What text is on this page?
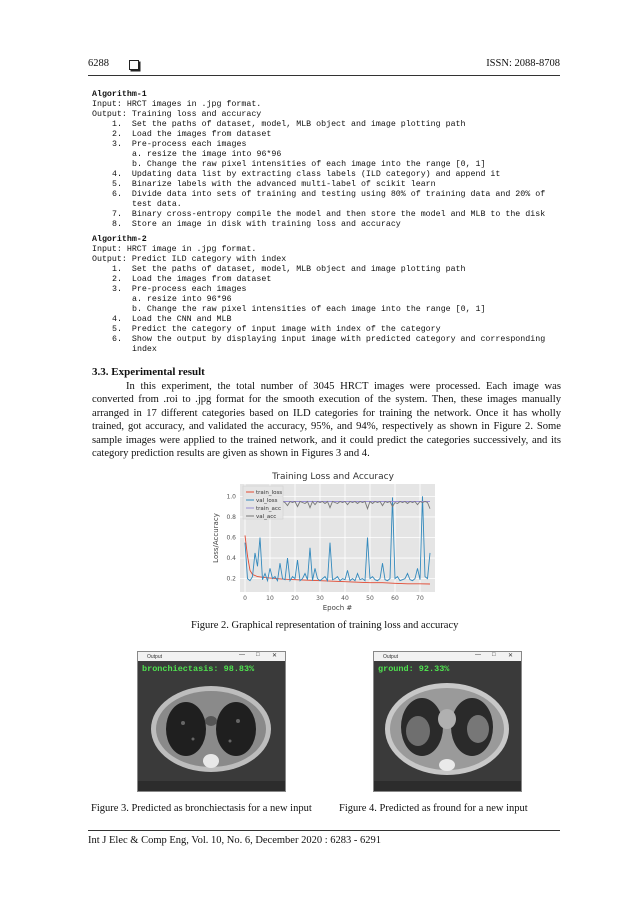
6288	ISSN: 2088-8708
Algorithm-1
Input: HRCT images in .jpg format.
Output: Training loss and accuracy
1.  Set the paths of dataset, model, MLB object and image plotting path
2.  Load the images from dataset
3.  Pre-process each images
a. resize the image into 96*96
b. Change the raw pixel intensities of each image into the range [0, 1]
4.  Updating data list by extracting class labels (ILD category) and append it
5.  Binarize labels with the advanced multi-label of scikit learn
6.  Divide data into sets of training and testing using 80% of training data and 20% of
test data.
7.  Binary cross-entropy compile the model and then store the model and MLB to the disk
8.  Store an image in disk with training loss and accuracy
Algorithm-2
Input: HRCT image in .jpg format.
Output: Predict ILD category with index
1.  Set the paths of dataset, model, MLB object and image plotting path
2.  Load the images from dataset
3.  Pre-process each images
a. resize into 96*96
b. Change the raw pixel intensities of each image into the range [0, 1]
4.  Load the CNN and MLB
5.  Predict the category of input image with index of the category
6.  Show the output by displaying input image with predicted category and corresponding
index
3.3. Experimental result
In this experiment, the total number of 3045 HRCT images were processed. Each image was converted from .roi to .jpg format for the smooth execution of the system. Then, these images manually arranged in 17 different categories based on ILD categories for training the network. Once it has wholly trained, got accuracy, and validated the accuracy, 95%, and 94%, respectively as shown in Figure 2. Some sample images were applied to the trained network, and it could predict the categories successively, and its category prediction results are given as shown in Figures 3 and 4.
Training Loss and Accuracy
0	10	20	30	40	50	60	70
0.2
0.4
0.6
0.8
1.0
train_loss
val_loss
train_acc
val_acc
Epoch #
Loss/Accuracy
Figure 2. Graphical representation of training loss and accuracy
Output	— □ ✕
bronchiectasis: 98.83%
Figure 3. Predicted as bronchiectasis for a new input
Output	— □ ✕
ground: 92.33%
Figure 4. Predicted as fround for a new input
Int J Elec & Comp Eng, Vol. 10, No. 6, December 2020 : 6283 - 6291
